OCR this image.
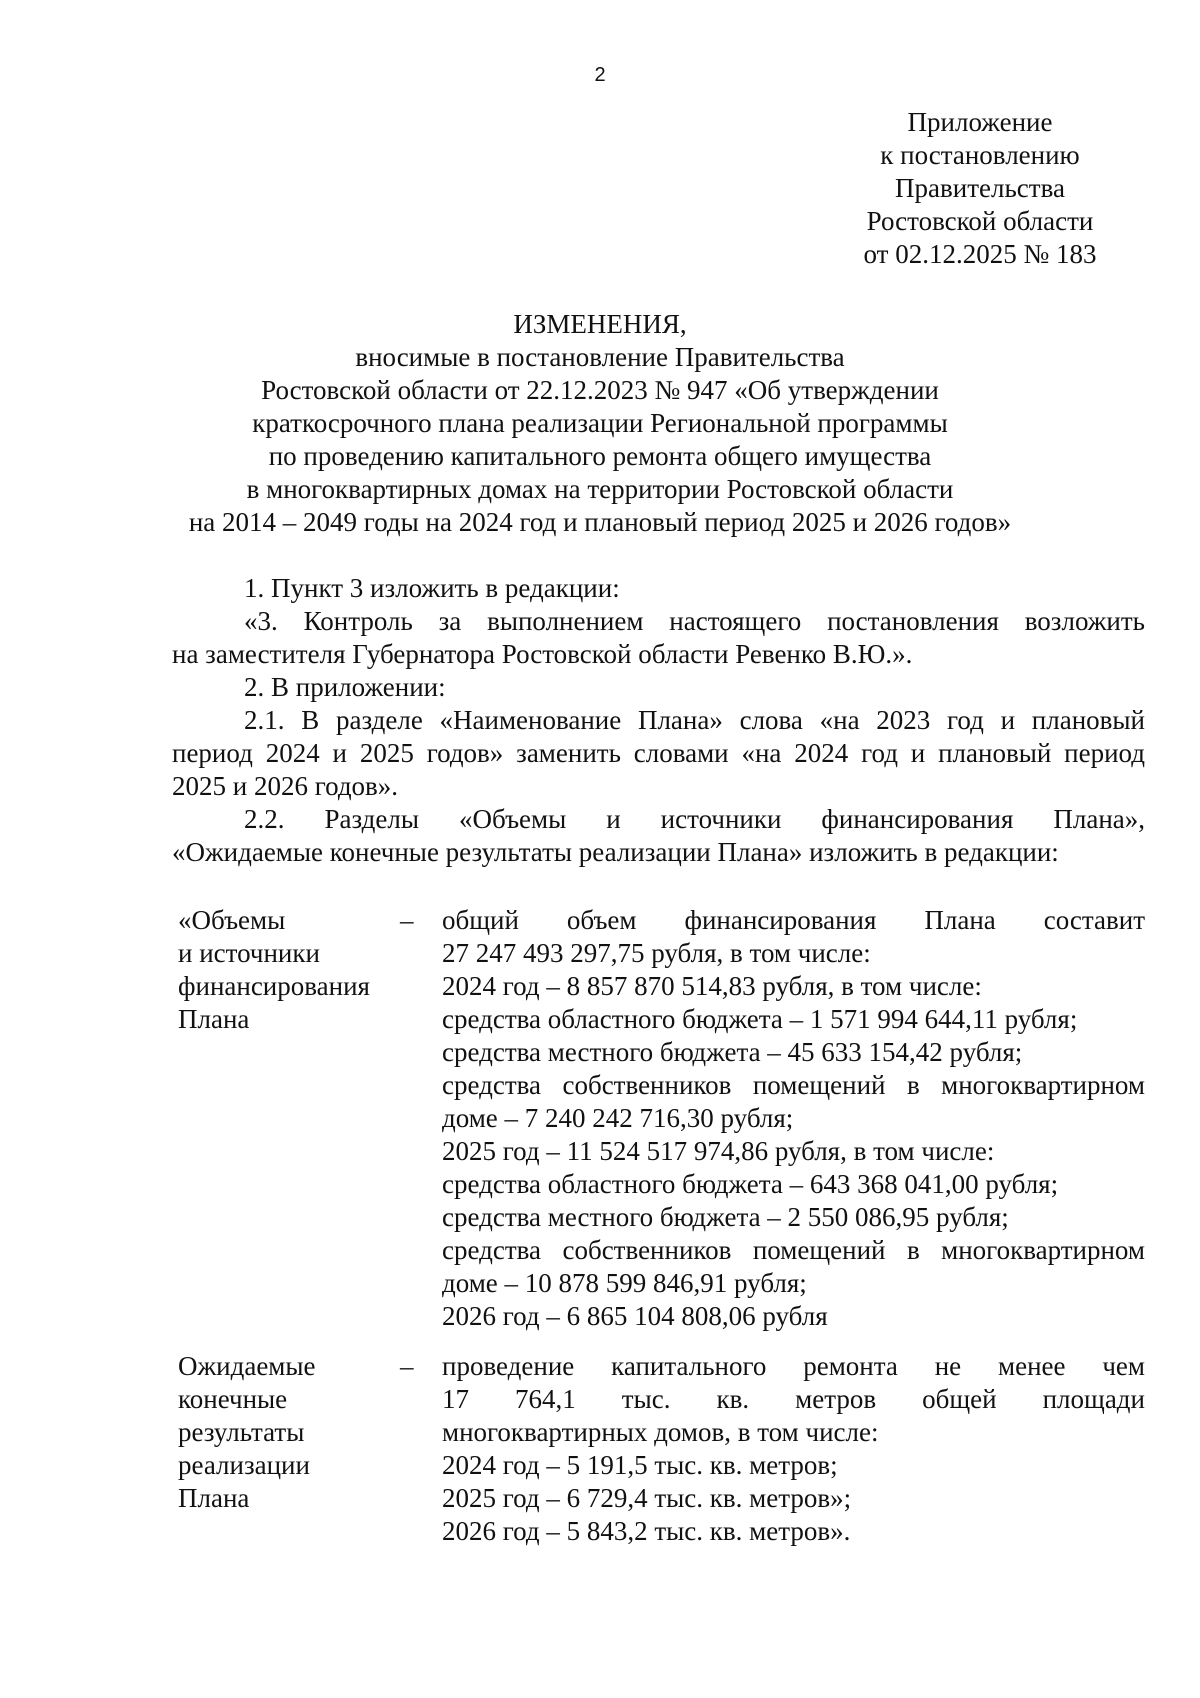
2
Приложение
к постановлению
Правительства
Ростовской области
от 02.12.2025 № 183
ИЗМЕНЕНИЯ,
вносимые в постановление Правительства
Ростовской области от 22.12.2023 № 947 «Об утверждении
краткосрочного плана реализации Региональной программы
по проведению капитального ремонта общего имущества
в многоквартирных домах на территории Ростовской области
на 2014 – 2049 годы на 2024 год и плановый период 2025 и 2026 годов»

1. Пункт 3 изложить в редакции:

«3. Контроль за выполнением настоящего постановления возложить

на заместителя Губернатора Ростовской области Ревенко В.Ю.».

2. В приложении:

2.1. В разделе «Наименование Плана» слова «на 2023 год и плановый

период 2024 и 2025 годов» заменить словами «на 2024 год и плановый период

2025 и 2026 годов».

2.2. Разделы «Объемы и источники финансирования Плана»,

«Ожидаемые конечные результаты реализации Плана» изложить в редакции:

«Объемы
и источники
финансирования
Плана
–	общий объем финансирования Плана составит
27 247 493 297,75 рубля, в том числе:
2024 год – 8 857 870 514,83 рубля, в том числе:
средства областного бюджета – 1 571 994 644,11 рубля;
средства местного бюджета – 45 633 154,42 рубля;
средства собственников помещений в многоквартирном
доме – 7 240 242 716,30 рубля;
2025 год – 11 524 517 974,86 рубля, в том числе:
средства областного бюджета – 643 368 041,00 рубля;
средства местного бюджета – 2 550 086,95 рубля;
средства собственников помещений в многоквартирном
доме – 10 878 599 846,91 рубля;
2026 год – 6 865 104 808,06 рубля
Ожидаемые
конечные
результаты
реализации
Плана
–	проведение капитального ремонта не менее чем
17 764,1 тыс. кв. метров общей площади
многоквартирных домов, в том числе:
2024 год – 5 191,5 тыс. кв. метров;
2025 год – 6 729,4 тыс. кв. метров»;
2026 год – 5 843,2 тыс. кв. метров».
